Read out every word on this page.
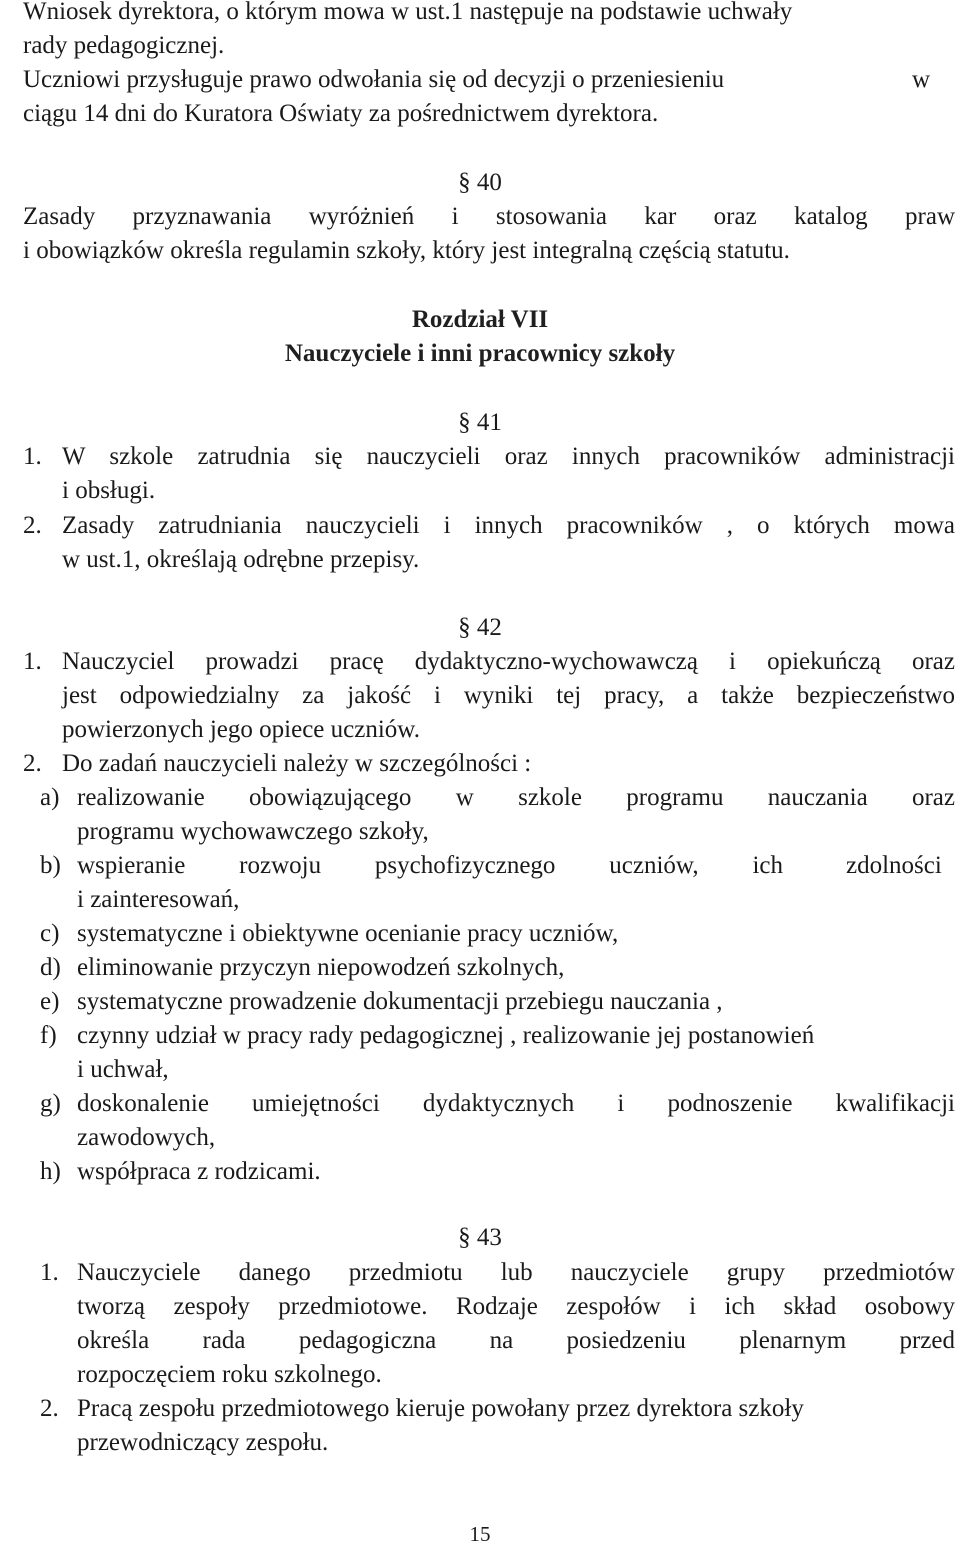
Wniosek dyrektora, o którym mowa w ust.1 następuje na podstawie uchwały
rady pedagogicznej.
Uczniowi przysługuje prawo odwołania się od decyzji o przeniesieniu	w
ciągu 14 dni do Kuratora Oświaty za pośrednictwem dyrektora.
§ 40
Zasady przyznawania wyróżnień i stosowania kar oraz katalog praw
i obowiązków określa regulamin szkoły, który jest integralną częścią statutu.
Rozdział VII
Nauczyciele i inni pracownicy szkoły
§ 41
1. W szkole zatrudnia się nauczycieli oraz innych pracowników administracji
i obsługi.
2. Zasady zatrudniania nauczycieli i innych pracowników , o których mowa
w ust.1, określają odrębne przepisy.
§ 42
1. Nauczyciel prowadzi pracę dydaktyczno-wychowawczą i opiekuńczą oraz
jest odpowiedzialny za jakość i wyniki tej pracy, a także bezpieczeństwo
powierzonych jego opiece uczniów.
2. Do zadań nauczycieli należy w szczególności :
a) realizowanie obowiązującego w szkole programu nauczania oraz
programu wychowawczego szkoły,
b) wspieranie rozwoju psychofizycznego uczniów, ich	zdolności
i zainteresowań,
c) systematyczne i obiektywne ocenianie pracy uczniów,
d) eliminowanie przyczyn niepowodzeń szkolnych,
e) systematyczne prowadzenie dokumentacji przebiegu nauczania ,
f) czynny udział w pracy rady pedagogicznej , realizowanie jej postanowień
i uchwał,
g) doskonalenie umiejętności dydaktycznych i podnoszenie kwalifikacji
zawodowych,
h) współpraca z rodzicami.
§ 43
1. Nauczyciele danego przedmiotu lub nauczyciele grupy przedmiotów
tworzą zespoły przedmiotowe. Rodzaje zespołów i ich skład osobowy
określa rada pedagogiczna na posiedzeniu plenarnym przed
rozpoczęciem roku szkolnego.
2. Pracą zespołu przedmiotowego kieruje powołany przez dyrektora szkoły
przewodniczący zespołu.
15
